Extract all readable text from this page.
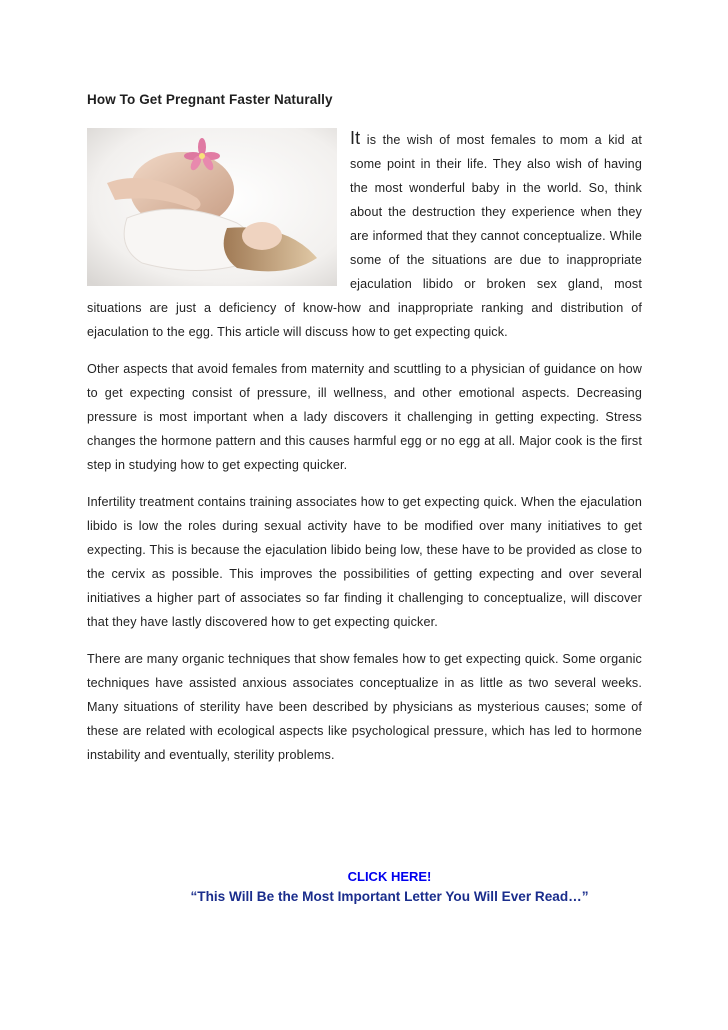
How To Get Pregnant Faster Naturally

It is the wish of most females to mom a kid at some point in their life. They also wish of having the most wonderful baby in the world. So, think about the destruction they experience when they are informed that they cannot conceptualize. While some of the situations are due to inappropriate ejaculation libido or broken sex gland, most situations are just a deficiency of know-how and inappropriate ranking and distribution of ejaculation to the egg. This article will discuss how to get expecting quick.

Other aspects that avoid females from maternity and scuttling to a physician of guidance on how to get expecting consist of pressure, ill wellness, and other emotional aspects. Decreasing pressure is most important when a lady discovers it challenging in getting expecting. Stress changes the hormone pattern and this causes harmful egg or no egg at all. Major cook is the first step in studying how to get expecting quicker.

Infertility treatment contains training associates how to get expecting quick. When the ejaculation libido is low the roles during sexual activity have to be modified over many initiatives to get expecting. This is because the ejaculation libido being low, these have to be provided as close to the cervix as possible. This improves the possibilities of getting expecting and over several initiatives a higher part of associates so far finding it challenging to conceptualize, will discover that they have lastly discovered how to get expecting quicker.

There are many organic techniques that show females how to get expecting quick. Some organic techniques have assisted anxious associates conceptualize in as little as two several weeks. Many situations of sterility have been described by physicians as mysterious causes; some of these are related with ecological aspects like psychological pressure, which has led to hormone instability and eventually, sterility problems.

CLICK HERE!
“This Will Be the Most Important Letter You Will Ever Read…”
